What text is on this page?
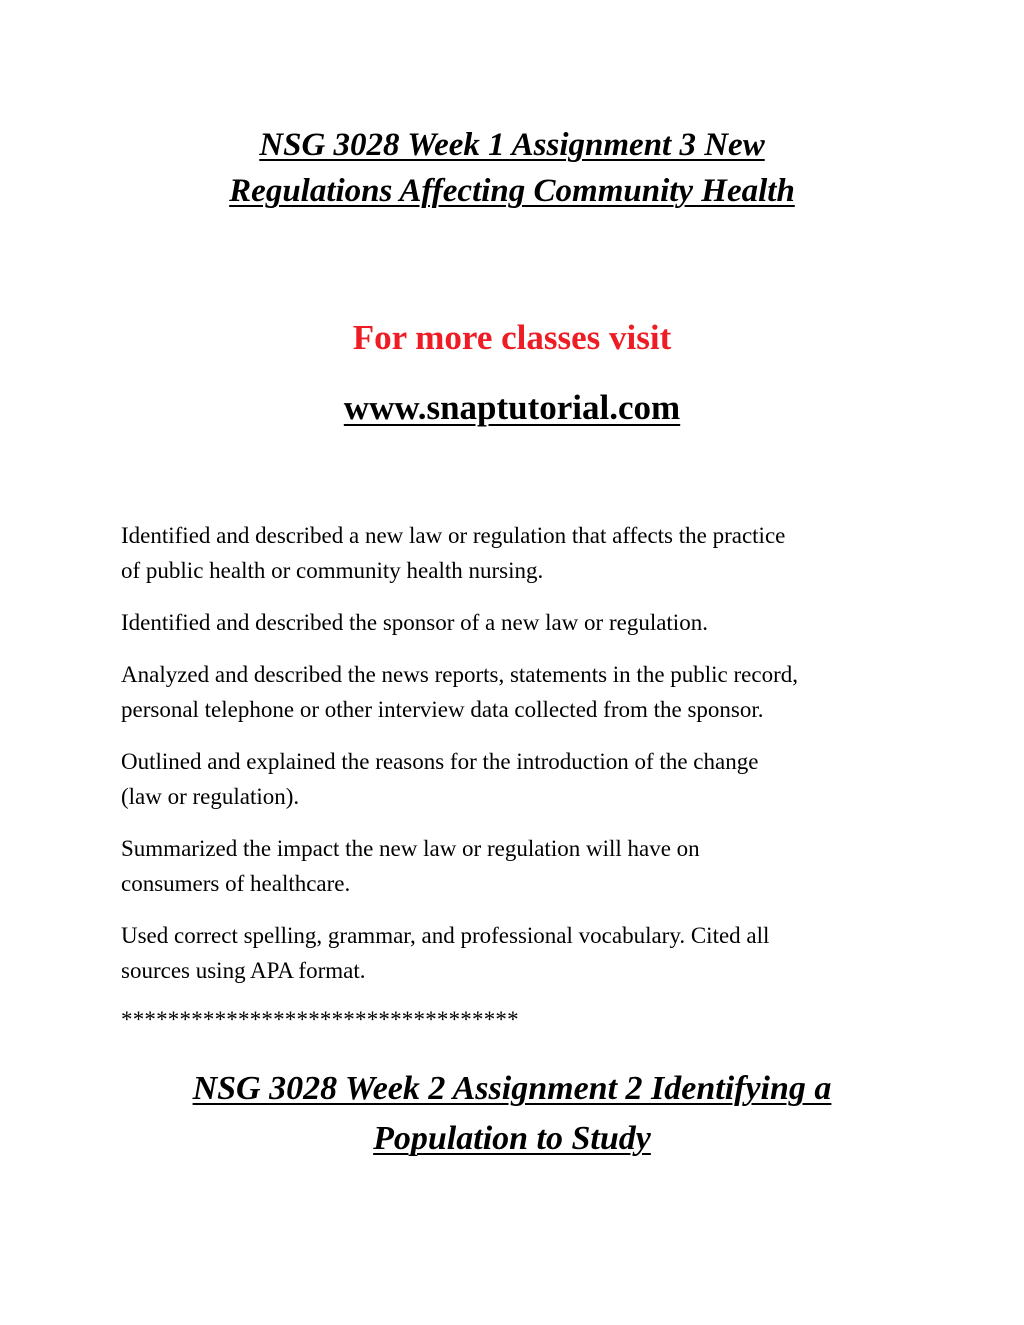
NSG 3028 Week 1 Assignment 3 New
Regulations Affecting Community Health

For more classes visit

www.snaptutorial.com

Identified and described a new law or regulation that affects the practice
of public health or community health nursing.
Identified and described the sponsor of a new law or regulation.
Analyzed and described the news reports, statements in the public record,
personal telephone or other interview data collected from the sponsor.
Outlined and explained the reasons for the introduction of the change
(law or regulation).
Summarized the impact the new law or regulation will have on
consumers of healthcare.
Used correct spelling, grammar, and professional vocabulary. Cited all
sources using APA format.

**********************************

NSG 3028 Week 2 Assignment 2 Identifying a
Population to Study
